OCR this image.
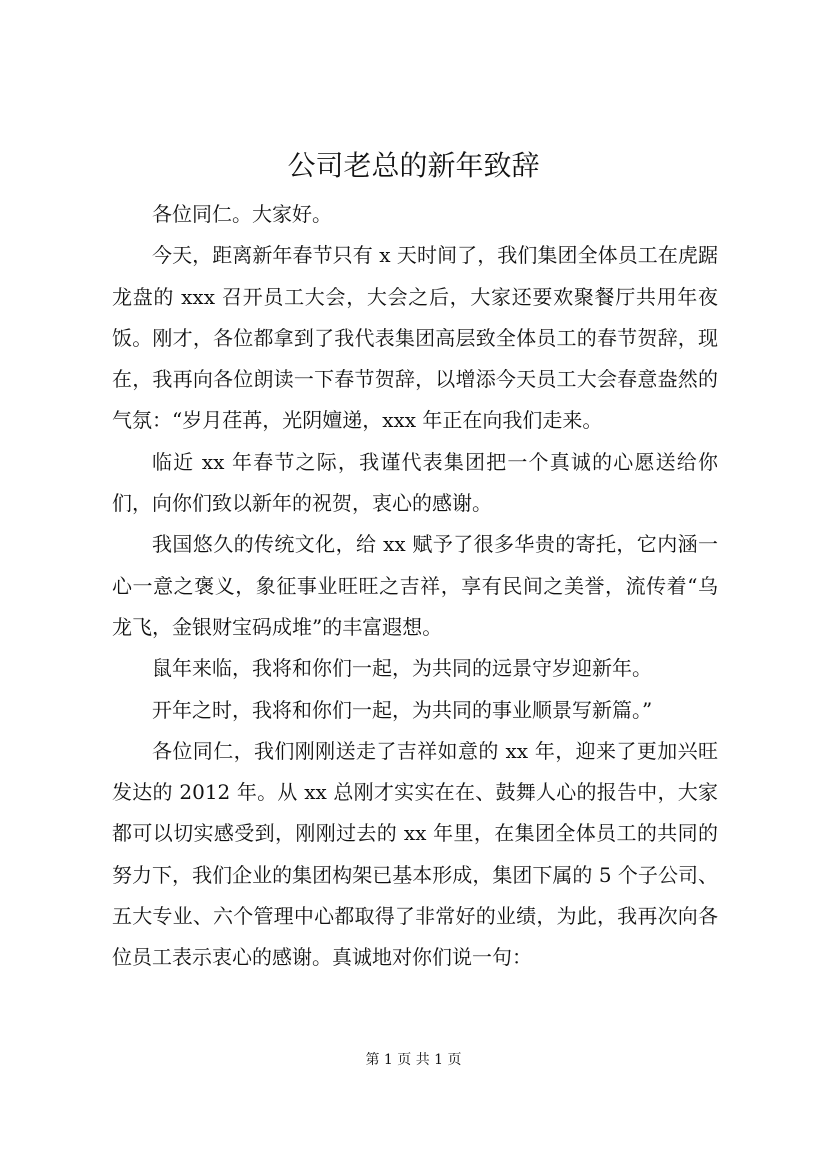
公司老总的新年致辞

各位同仁。大家好。

今天，距离新年春节只有 x 天时间了，我们集团全体员工在虎踞龙盘的 xxx 召开员工大会，大会之后，大家还要欢聚餐厅共用年夜饭。刚才，各位都拿到了我代表集团高层致全体员工的春节贺辞，现在，我再向各位朗读一下春节贺辞，以增添今天员工大会春意盎然的气氛：“岁月荏苒，光阴嬗递，xxx 年正在向我们走来。

临近 xx 年春节之际，我谨代表集团把一个真诚的心愿送给你们，向你们致以新年的祝贺，衷心的感谢。

我国悠久的传统文化，给 xx 赋予了很多华贵的寄托，它内涵一心一意之褒义，象征事业旺旺之吉祥，享有民间之美誉，流传着“乌龙飞，金银财宝码成堆”的丰富遐想。

鼠年来临，我将和你们一起，为共同的远景守岁迎新年。

开年之时，我将和你们一起，为共同的事业顺景写新篇。”

各位同仁，我们刚刚送走了吉祥如意的 xx 年，迎来了更加兴旺发达的 2012 年。从 xx 总刚才实实在在、鼓舞人心的报告中，大家都可以切实感受到，刚刚过去的 xx 年里，在集团全体员工的共同的努力下，我们企业的集团构架已基本形成，集团下属的 5 个子公司、五大专业、六个管理中心都取得了非常好的业绩，为此，我再次向各位员工表示衷心的感谢。真诚地对你们说一句：

第 1 页 共 1 页
